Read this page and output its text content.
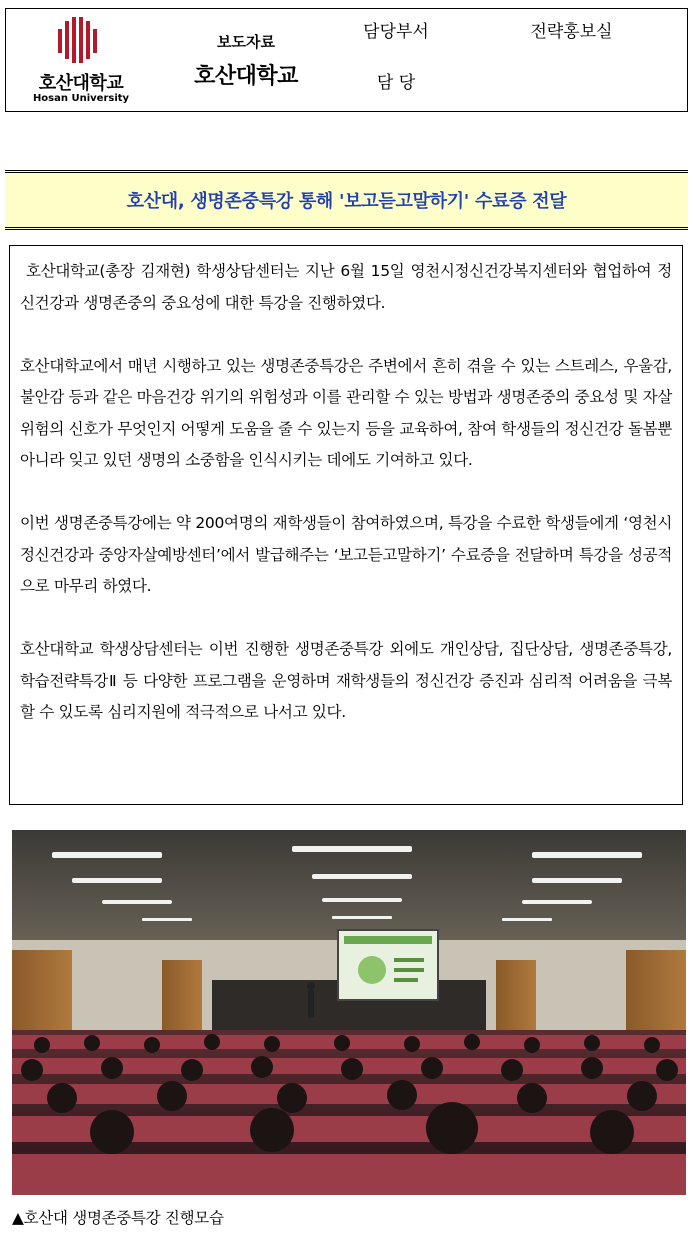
호산대학교
Hosan University
보도자료
호산대학교
담당부서	전략홍보실
담 당
호산대, 생명존중특강 통해 '보고듣고말하기' 수료증 전달

호산대학교(총장 김재현) 학생상담센터는 지난 6월 15일 영천시정신건강복지센터와 협업하여 정신건강과 생명존중의 중요성에 대한 특강을 진행하였다.

호산대학교에서 매년 시행하고 있는 생명존중특강은 주변에서 흔히 겪을 수 있는 스트레스, 우울감, 불안감 등과 같은 마음건강 위기의 위험성과 이를 관리할 수 있는 방법과 생명존중의 중요성 및 자살위험의 신호가 무엇인지 어떻게 도움을 줄 수 있는지 등을 교육하여, 참여 학생들의 정신건강 돌봄뿐 아니라 잊고 있던 생명의 소중함을 인식시키는 데에도 기여하고 있다.

이번 생명존중특강에는 약 200여명의 재학생들이 참여하였으며, 특강을 수료한 학생들에게 ‘영천시정신건강과 중앙자살예방센터’에서 발급해주는 ‘보고듣고말하기’ 수료증을 전달하며 특강을 성공적으로 마무리 하였다.

호산대학교 학생상담센터는 이번 진행한 생명존중특강 외에도 개인상담, 집단상담, 생명존중특강, 학습전략특강Ⅱ 등 다양한 프로그램을 운영하며 재학생들의 정신건강 증진과 심리적 어려움을 극복할 수 있도록 심리지원에 적극적으로 나서고 있다.

▲호산대 생명존중특강 진행모습
